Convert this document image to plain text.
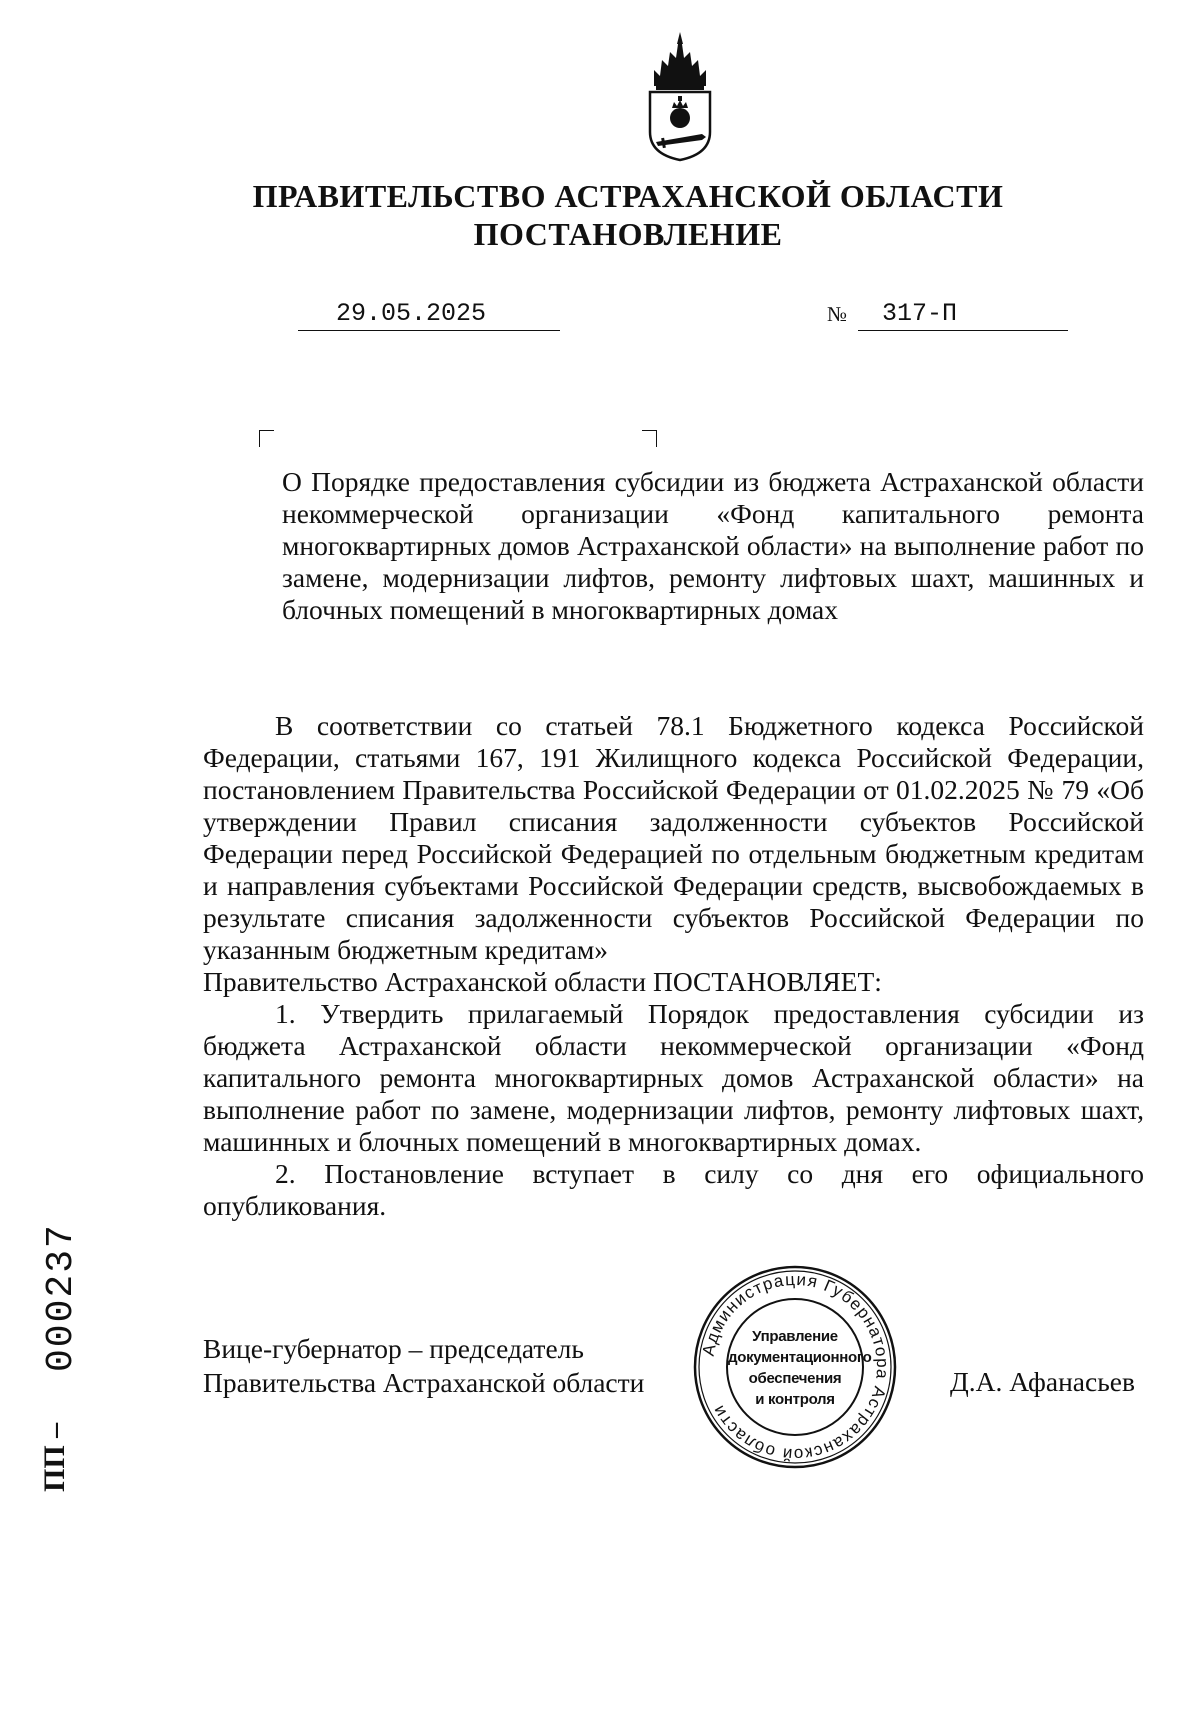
ПРАВИТЕЛЬСТВО АСТРАХАНСКОЙ ОБЛАСТИ
ПОСТАНОВЛЕНИЕ
29.05.2025	№ 317-П
О Порядке предоставления субсидии из бюджета Астраханской области некоммерческой организации «Фонд капитального ремонта многоквартирных домов Астраханской области» на выполнение работ по замене, модернизации лифтов, ремонту лифтовых шахт, машинных и блочных помещений в многоквартирных домах

В соответствии со статьей 78.1 Бюджетного кодекса Российской Федерации, статьями 167, 191 Жилищного кодекса Российской Федерации, постановлением Правительства Российской Федерации от 01.02.2025 № 79 «Об утверждении Правил списания задолженности субъектов Российской Федерации перед Российской Федерацией по отдельным бюджетным кредитам и направления субъектами Российской Федерации средств, высвобождаемых в результате списания задолженности субъектов Российской Федерации по указанным бюджетным кредитам»

Правительство Астраханской области ПОСТАНОВЛЯЕТ:

1. Утвердить прилагаемый Порядок предоставления субсидии из бюджета Астраханской области некоммерческой организации «Фонд капитального ремонта многоквартирных домов Астраханской области» на выполнение работ по замене, модернизации лифтов, ремонту лифтовых шахт, машинных и блочных помещений в многоквартирных домах.

2. Постановление вступает в силу со дня его официального опубликования.

Вице-губернатор – председатель
Правительства Астраханской области	Д.А. Афанасьев
Администрация Губернатора Астраханской области
Управление
документационного
обеспечения
и контроля
ПП –
000237
